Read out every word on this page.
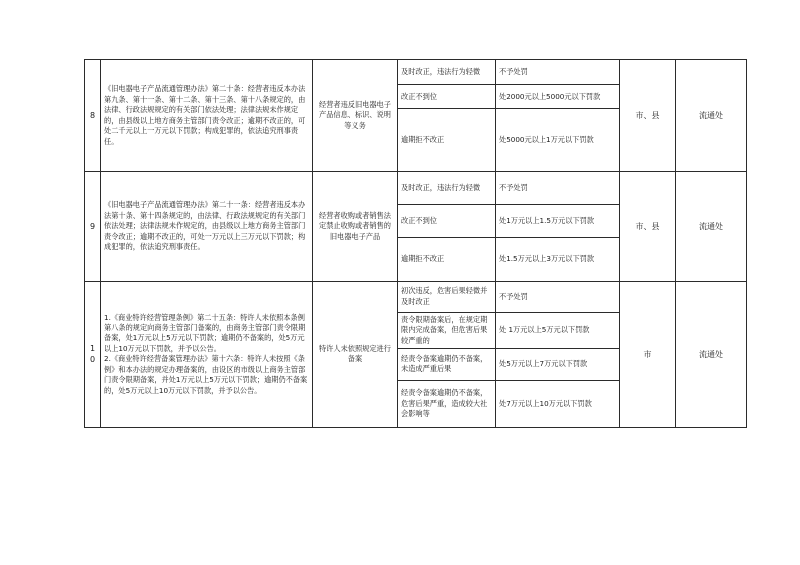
8	《旧电器电子产品流通管理办法》第二十条：经营者违反本办法第九条、第十一条、第十二条、第十三条、第十八条规定的，由法律、行政法规规定的有关部门依法处理；法律法规未作规定的，由县级以上地方商务主管部门责令改正；逾期不改正的，可处二千元以上一万元以下罚款；构成犯罪的，依法追究刑事责任。	经营者违反旧电器电子产品信息、标识、说明等义务	及时改正，违法行为轻微	不予处罚	市、县	流通处
			改正不到位	处2000元以上5000元以下罚款		
			逾期拒不改正	处5000元以上1万元以下罚款		
9	《旧电器电子产品流通管理办法》第二十一条：经营者违反本办法第十条、第十四条规定的，由法律、行政法规规定的有关部门依法处理；法律法规未作规定的，由县级以上地方商务主管部门责令改正；逾期不改正的，可处一万元以上三万元以下罚款；构成犯罪的，依法追究刑事责任。	经营者收购或者销售法定禁止收购或者销售的旧电器电子产品	及时改正，违法行为轻微	不予处罚	市、县	流通处
			改正不到位	处1万元以上1.5万元以下罚款		
			逾期拒不改正	处1.5万元以上3万元以下罚款		
10	1.《商业特许经营管理条例》第二十五条：特许人未依照本条例第八条的规定向商务主管部门备案的，由商务主管部门责令限期备案，处1万元以上5万元以下罚款；逾期仍不备案的，处5万元以上10万元以下罚款，并予以公告。
2.《商业特许经营备案管理办法》第十六条：特许人未按照《条例》和本办法的规定办理备案的，由设区的市级以上商务主管部门责令限期备案，并处1万元以上5万元以下罚款；逾期仍不备案的，处5万元以上10万元以下罚款，并予以公告。	特许人未依照规定进行备案	初次违反，危害后果轻微并及时改正	不予处罚	市	流通处
			责令限期备案后，在规定期限内完成备案，但危害后果较严重的	处 1万元以上5万元以下罚款		
			经责令备案逾期仍不备案，未造成严重后果	处5万元以上7万元以下罚款		
			经责令备案逾期仍不备案，危害后果严重，造成较大社会影响等	处7万元以上10万元以下罚款		
